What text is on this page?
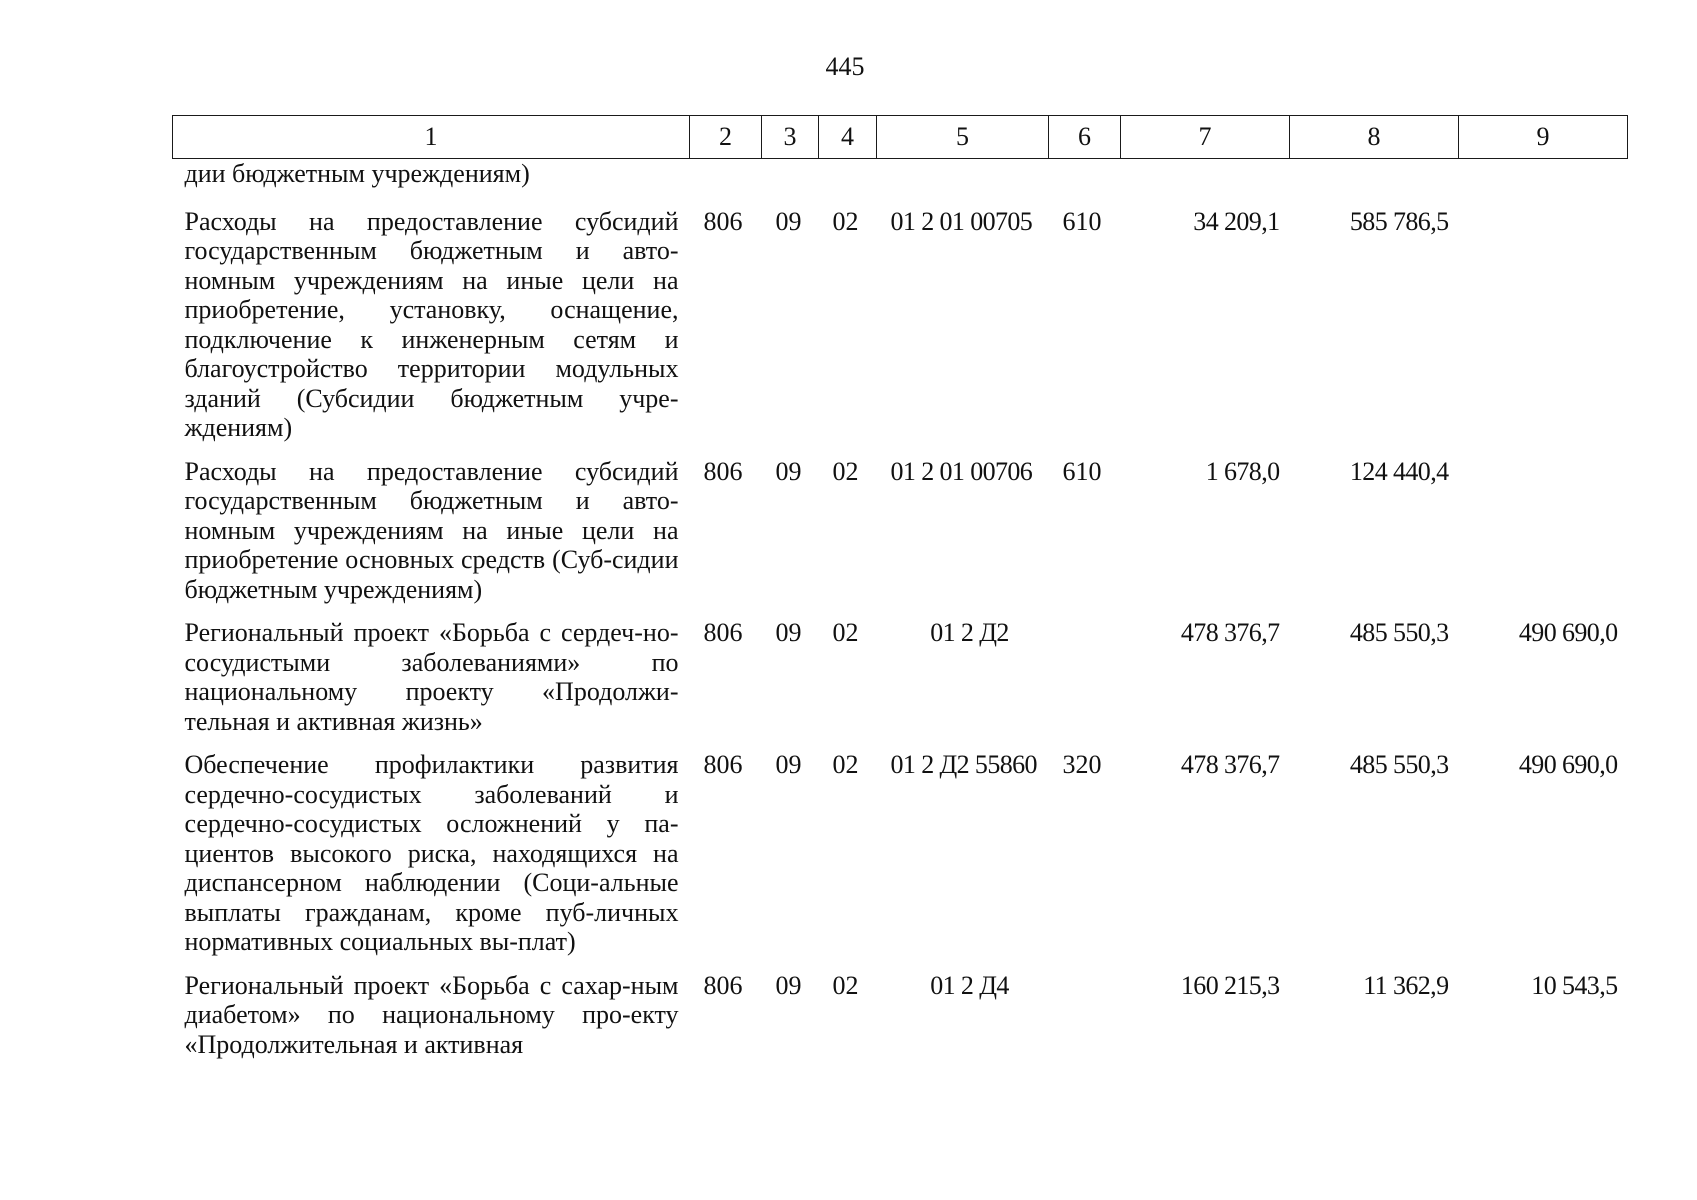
445
1	2	3	4	5	6	7	8	9
дии бюджетным учреждениям)								
Расходы на предоставление субсидий государственным бюджетным и авто-номным учреждениям на иные цели на приобретение, установку, оснащение, подключение к инженерным сетям и благоустройство территории модульных зданий (Субсидии бюджетным учре-ждениям)	806	09	02	01 2 01 00705	610	34 209,1	585 786,5	
Расходы на предоставление субсидий государственным бюджетным и авто-номным учреждениям на иные цели на приобретение основных средств (Суб-сидии бюджетным учреждениям)	806	09	02	01 2 01 00706	610	1 678,0	124 440,4	
Региональный проект «Борьба с сердеч-но-сосудистыми заболеваниями» по национальному проекту «Продолжи-тельная и активная жизнь»	806	09	02	01 2 Д2		478 376,7	485 550,3	490 690,0
Обеспечение профилактики развития сердечно-сосудистых заболеваний и сердечно-сосудистых осложнений у па-циентов высокого риска, находящихся на диспансерном наблюдении (Соци-альные выплаты гражданам, кроме пуб-личных нормативных социальных вы-плат)	806	09	02	01 2 Д2 55860	320	478 376,7	485 550,3	490 690,0
Региональный проект «Борьба с сахар-ным диабетом» по национальному про-екту «Продолжительная и активная	806	09	02	01 2 Д4		160 215,3	11 362,9	10 543,5
